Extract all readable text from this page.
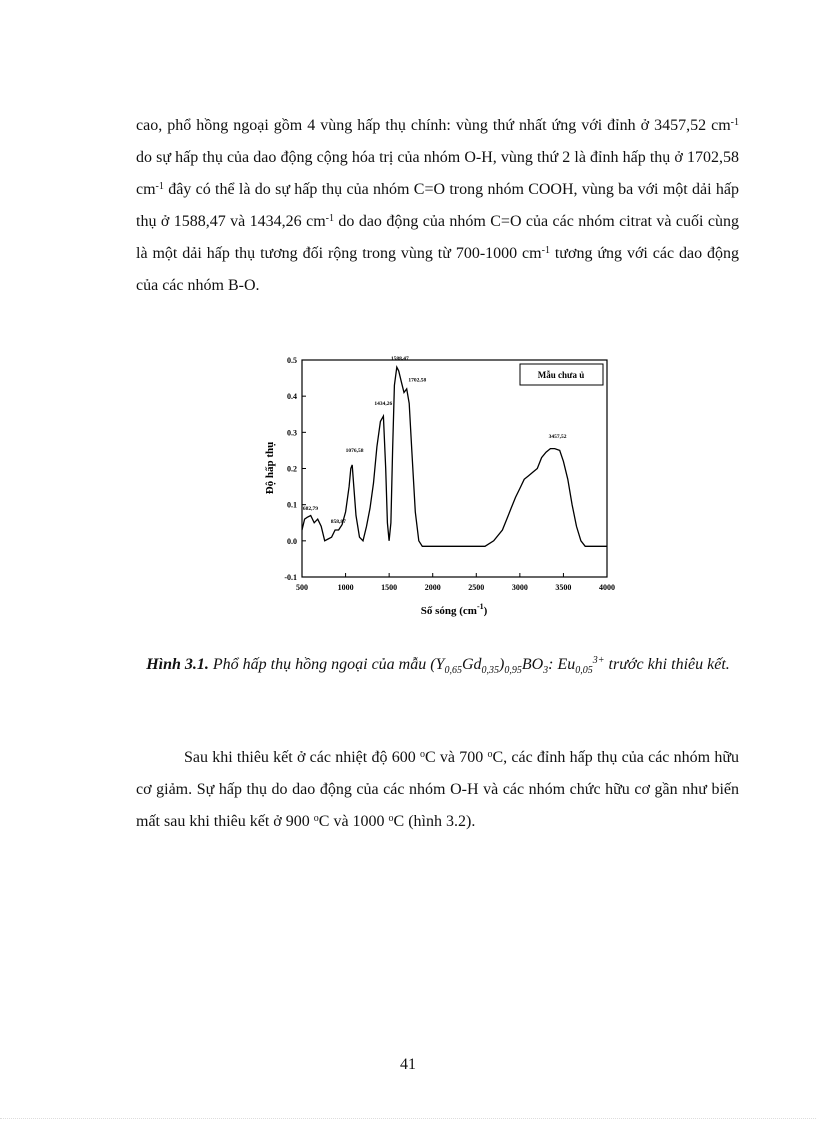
cao, phổ hồng ngoại gồm 4 vùng hấp thụ chính: vùng thứ nhất ứng với đỉnh ở 3457,52 $cm^{-1}$ do sự hấp thụ của dao động cộng hóa trị của nhóm O-H, vùng thứ 2 là đỉnh hấp thụ ở 1702,58 $cm^{-1}$ đây có thể là do sự hấp thụ của nhóm C=O trong nhóm COOH, vùng ba với một dải hấp thụ ở 1588,47 và 1434,26 $cm^{-1}$ do dao động của nhóm C=O của các nhóm citrat và cuối cùng là một dải hấp thụ tương đối rộng trong vùng từ 700-1000 $cm^{-1}$ tương ứng với các dao động của các nhóm B-O.
-0.1
0.0
0.1
0.2
0.3
0.4
0.5
500	1000	1500	2000	2500	3000	3500	4000
682,79
858,87
1076,58
1434,26
1588,47
1702,58
3457,52
Mẫu chưa ủ
Độ hấp thụ
Số sóng $(cm^{-1})$
Hình 3.1. Phổ hấp thụ hồng ngoại của mẫu $(Y_{0,65}Gd_{0,35})_{0,95}BO_3$: $Eu_{0,05}^{3+}$ trước khi thiêu kết.
Sau khi thiêu kết ở các nhiệt độ 600 $^o$C và 700 $^o$C, các đỉnh hấp thụ của các nhóm hữu cơ giảm. Sự hấp thụ do dao động của các nhóm O-H và các nhóm chức hữu cơ gần như biến mất sau khi thiêu kết ở 900 $^o$C và 1000 $^o$C (hình 3.2).
41
